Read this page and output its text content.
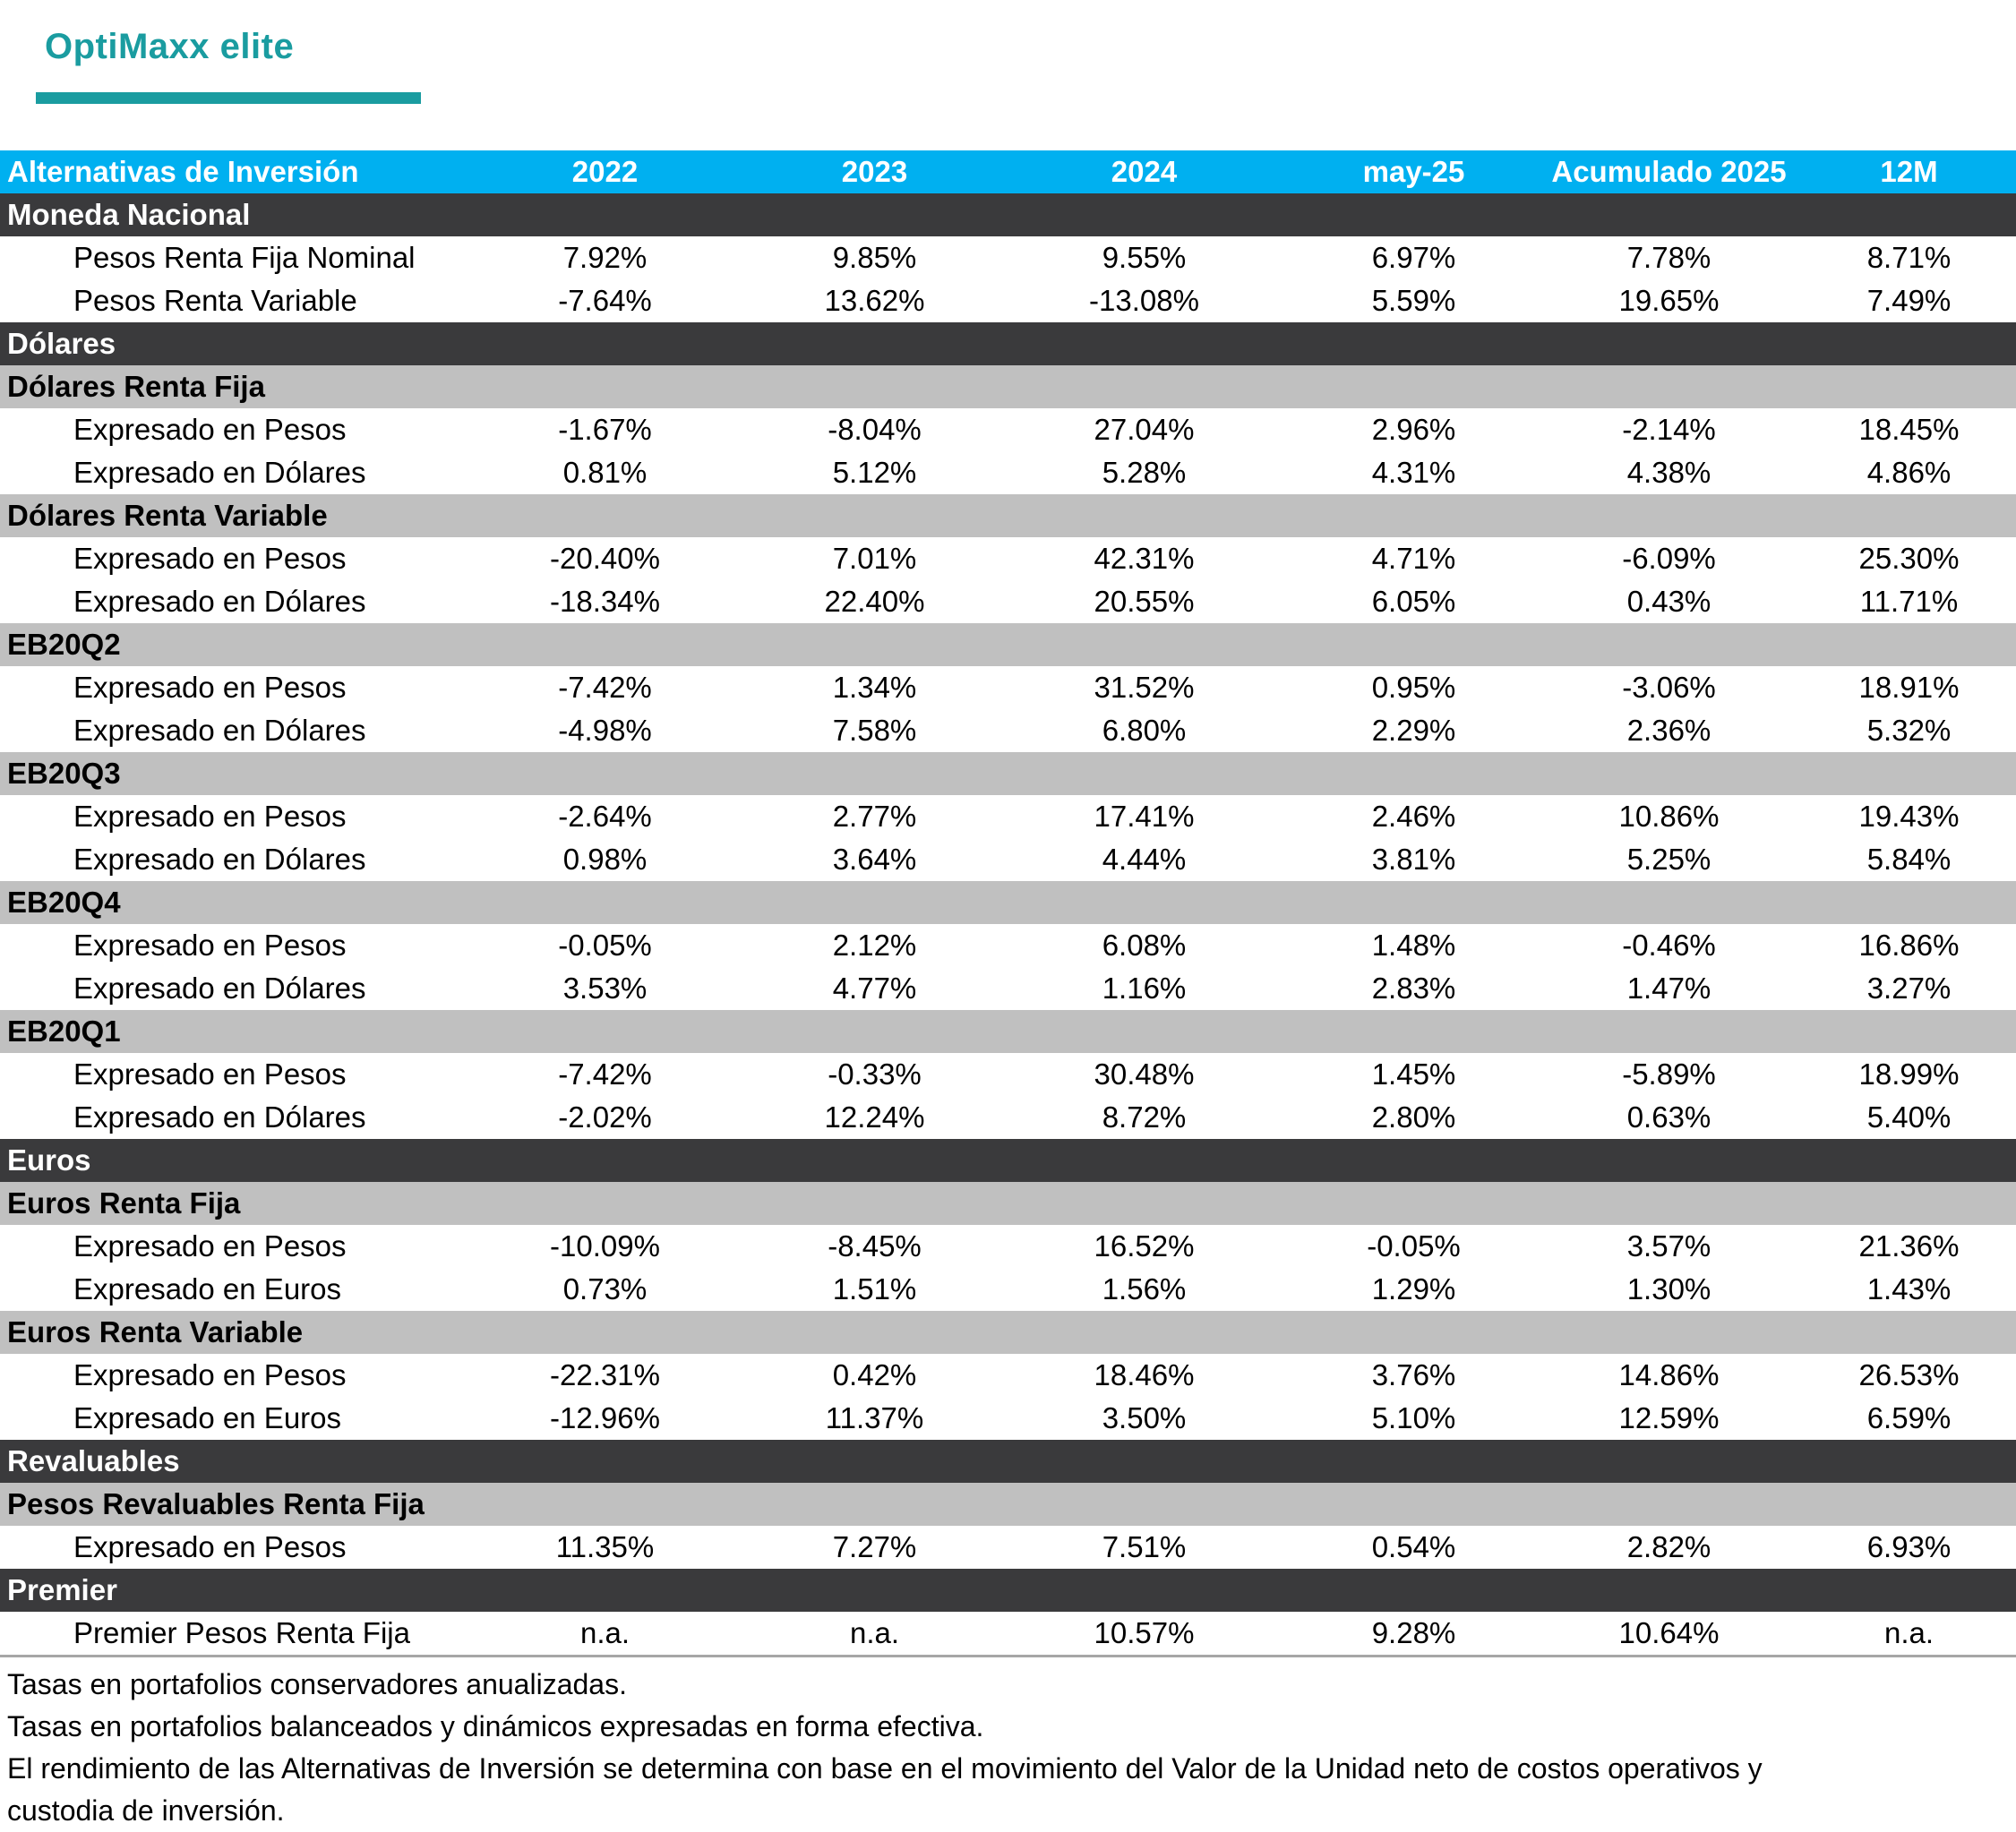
OptiMaxx elite
Alternativas de Inversión	2022	2023	2024	may-25	Acumulado 2025	12M
Moneda Nacional						
Pesos Renta Fija Nominal	7.92%	9.85%	9.55%	6.97%	7.78%	8.71%
Pesos Renta Variable	-7.64%	13.62%	-13.08%	5.59%	19.65%	7.49%
Dólares						
Dólares Renta Fija						
Expresado en Pesos	-1.67%	-8.04%	27.04%	2.96%	-2.14%	18.45%
Expresado en Dólares	0.81%	5.12%	5.28%	4.31%	4.38%	4.86%
Dólares Renta Variable						
Expresado en Pesos	-20.40%	7.01%	42.31%	4.71%	-6.09%	25.30%
Expresado en Dólares	-18.34%	22.40%	20.55%	6.05%	0.43%	11.71%
EB20Q2						
Expresado en Pesos	-7.42%	1.34%	31.52%	0.95%	-3.06%	18.91%
Expresado en Dólares	-4.98%	7.58%	6.80%	2.29%	2.36%	5.32%
EB20Q3						
Expresado en Pesos	-2.64%	2.77%	17.41%	2.46%	10.86%	19.43%
Expresado en Dólares	0.98%	3.64%	4.44%	3.81%	5.25%	5.84%
EB20Q4						
Expresado en Pesos	-0.05%	2.12%	6.08%	1.48%	-0.46%	16.86%
Expresado en Dólares	3.53%	4.77%	1.16%	2.83%	1.47%	3.27%
EB20Q1						
Expresado en Pesos	-7.42%	-0.33%	30.48%	1.45%	-5.89%	18.99%
Expresado en Dólares	-2.02%	12.24%	8.72%	2.80%	0.63%	5.40%
Euros						
Euros Renta Fija						
Expresado en Pesos	-10.09%	-8.45%	16.52%	-0.05%	3.57%	21.36%
Expresado en Euros	0.73%	1.51%	1.56%	1.29%	1.30%	1.43%
Euros Renta Variable						
Expresado en Pesos	-22.31%	0.42%	18.46%	3.76%	14.86%	26.53%
Expresado en Euros	-12.96%	11.37%	3.50%	5.10%	12.59%	6.59%
Revaluables						
Pesos Revaluables Renta Fija						
Expresado en Pesos	11.35%	7.27%	7.51%	0.54%	2.82%	6.93%
Premier						
Premier Pesos Renta Fija	n.a.	n.a.	10.57%	9.28%	10.64%	n.a.
Tasas en portafolios conservadores anualizadas.
Tasas en portafolios balanceados y dinámicos expresadas en forma efectiva.
El rendimiento de las Alternativas de Inversión se determina con base en el movimiento del Valor de la Unidad neto de costos operativos y
custodia de inversión.
